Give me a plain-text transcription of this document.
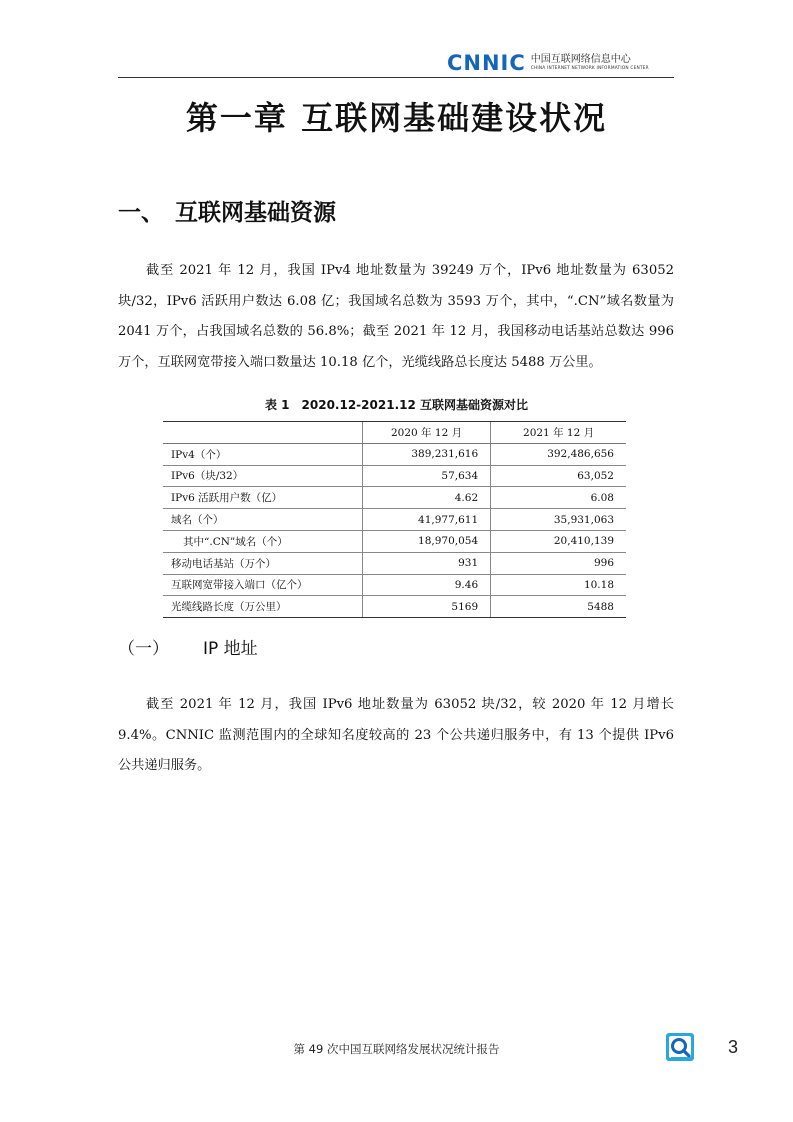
CNNIC 中国互联网络信息中心
CHINA INTERNET NETWORK INFORMATION CENTER
第一章 互联网基础建设状况
一、 互联网基础资源

截至 2021 年 12 月，我国 IPv4 地址数量为 39249 万个，IPv6 地址数量为 63052 块/32，IPv6 活跃用户数达 6.08 亿；我国域名总数为 3593 万个，其中，“.CN”域名数量为 2041 万个，占我国域名总数的 56.8%；截至 2021 年 12 月，我国移动电话基站总数达 996 万个，互联网宽带接入端口数量达 10.18 亿个，光缆线路总长度达 5488 万公里。

表 1　2020.12-2021.12 互联网基础资源对比
	2020 年 12 月	2021 年 12 月
IPv4（个）	389,231,616	392,486,656
IPv6（块/32）	57,634	63,052
IPv6 活跃用户数（亿）	4.62	6.08
域名（个）	41,977,611	35,931,063
其中“.CN”域名（个）	18,970,054	20,410,139
移动电话基站（万个）	931	996
互联网宽带接入端口（亿个）	9.46	10.18
光缆线路长度（万公里）	5169	5488
（一） IP 地址

截至 2021 年 12 月，我国 IPv6 地址数量为 63052 块/32，较 2020 年 12 月增长 9.4%。CNNIC 监测范围内的全球知名度较高的 23 个公共递归服务中，有 13 个提供 IPv6 公共递归服务。

第 49 次中国互联网络发展状况统计报告	3
